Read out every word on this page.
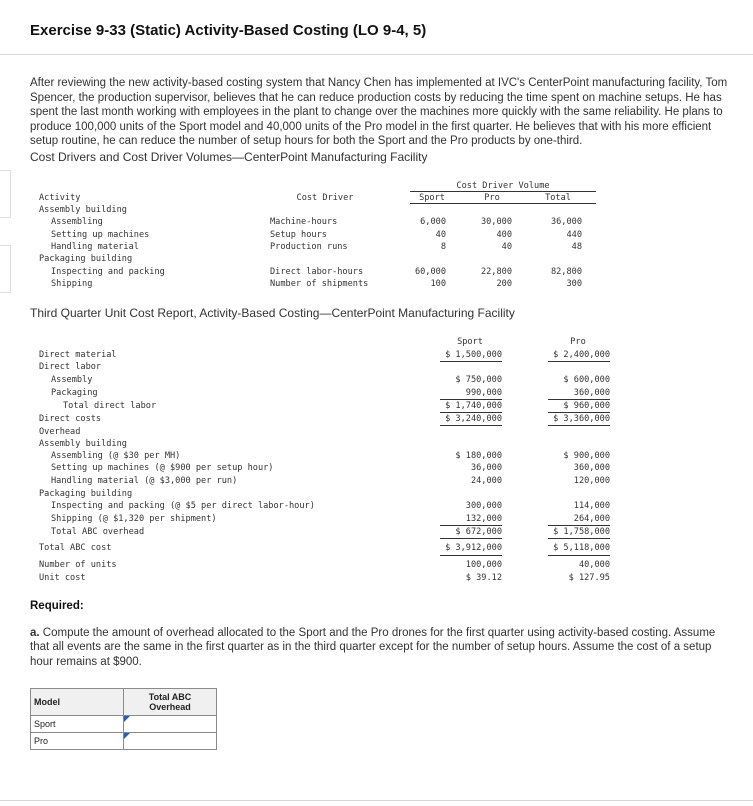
Exercise 9-33 (Static) Activity-Based Costing (LO 9-4, 5)
After reviewing the new activity-based costing system that Nancy Chen has implemented at IVC's CenterPoint manufacturing facility, Tom Spencer, the production supervisor, believes that he can reduce production costs by reducing the time spent on machine setups. He has spent the last month working with employees in the plant to change over the machines more quickly with the same reliability. He plans to produce 100,000 units of the Sport model and 40,000 units of the Pro model in the first quarter. He believes that with his more efficient setup routine, he can reduce the number of setup hours for both the Sport and the Pro products by one-third.
Cost Drivers and Cost Driver Volumes—CenterPoint Manufacturing Facility
Cost Driver Volume
Activity	Cost Driver	Sport	Pro	Total
Assembly building
Assembling	Machine-hours	6,000	30,000	36,000
Setting up machines	Setup hours	40	400	440
Handling material	Production runs	8	40	48
Packaging building
Inspecting and packing	Direct labor-hours	60,000	22,800	82,800
Shipping	Number of shipments	100	200	300
Third Quarter Unit Cost Report, Activity-Based Costing—CenterPoint Manufacturing Facility
Sport	Pro
Direct material	$ 1,500,000	$ 2,400,000
Direct labor
Assembly	$ 750,000	$ 600,000
Packaging	990,000	360,000
Total direct labor	$ 1,740,000	$ 960,000
Direct costs	$ 3,240,000	$ 3,360,000
Overhead
Assembly building
Assembling (@ $30 per MH)	$ 180,000	$ 900,000
Setting up machines (@ $900 per setup hour)	36,000	360,000
Handling material (@ $3,000 per run)	24,000	120,000
Packaging building
Inspecting and packing (@ $5 per direct labor-hour)	300,000	114,000
Shipping (@ $1,320 per shipment)	132,000	264,000
Total ABC overhead	$ 672,000	$ 1,758,000
Total ABC cost	$ 3,912,000	$ 5,118,000
Number of units	100,000	40,000
Unit cost	$ 39.12	$ 127.95
Required:
a. Compute the amount of overhead allocated to the Sport and the Pro drones for the first quarter using activity-based costing. Assume that all events are the same in the first quarter as in the third quarter except for the number of setup hours. Assume the cost of a setup hour remains at $900.
Model	Total ABC Overhead
Sport	

Pro	
